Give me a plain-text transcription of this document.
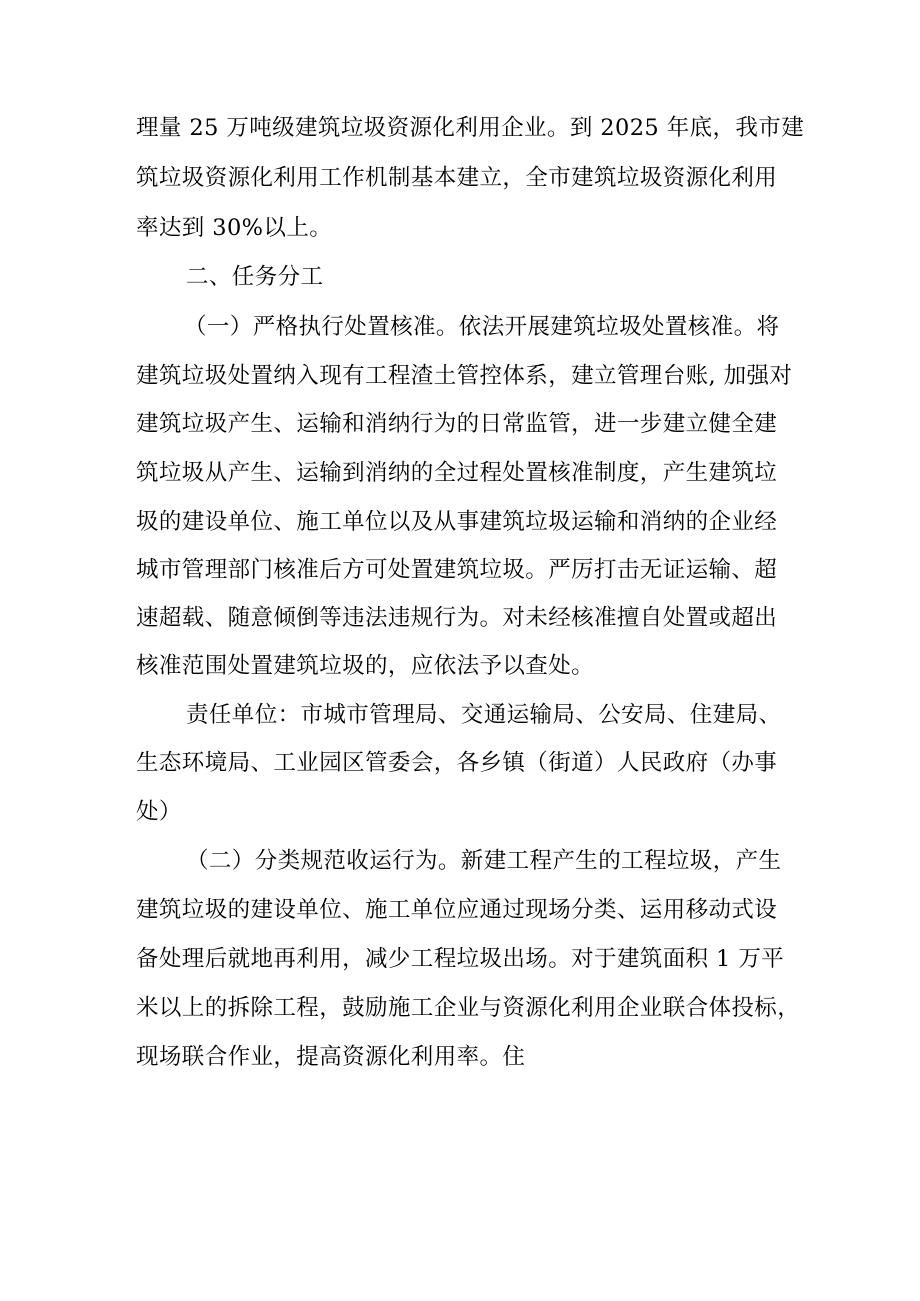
理量 25 万吨级建筑垃圾资源化利用企业。到 2025 年底，我市建
筑垃圾资源化利用工作机制基本建立，全市建筑垃圾资源化利用
率达到 30%以上。
二、任务分工
（一）严格执行处置核准。依法开展建筑垃圾处置核准。将
建筑垃圾处置纳入现有工程渣土管控体系，建立管理台账, 加强对
建筑垃圾产生、运输和消纳行为的日常监管，进一步建立健全建
筑垃圾从产生、运输到消纳的全过程处置核准制度，产生建筑垃
圾的建设单位、施工单位以及从事建筑垃圾运输和消纳的企业经
城市管理部门核准后方可处置建筑垃圾。严厉打击无证运输、超
速超载、随意倾倒等违法违规行为。对未经核准擅自处置或超出
核准范围处置建筑垃圾的，应依法予以查处。
责任单位：市城市管理局、交通运输局、公安局、住建局、
生态环境局、工业园区管委会，各乡镇（街道）人民政府（办事
处）
（二）分类规范收运行为。新建工程产生的工程垃圾，产生
建筑垃圾的建设单位、施工单位应通过现场分类、运用移动式设
备处理后就地再利用，减少工程垃圾出场。对于建筑面积 1 万平
米以上的拆除工程，鼓励施工企业与资源化利用企业联合体投标，
现场联合作业，提高资源化利用率。住
